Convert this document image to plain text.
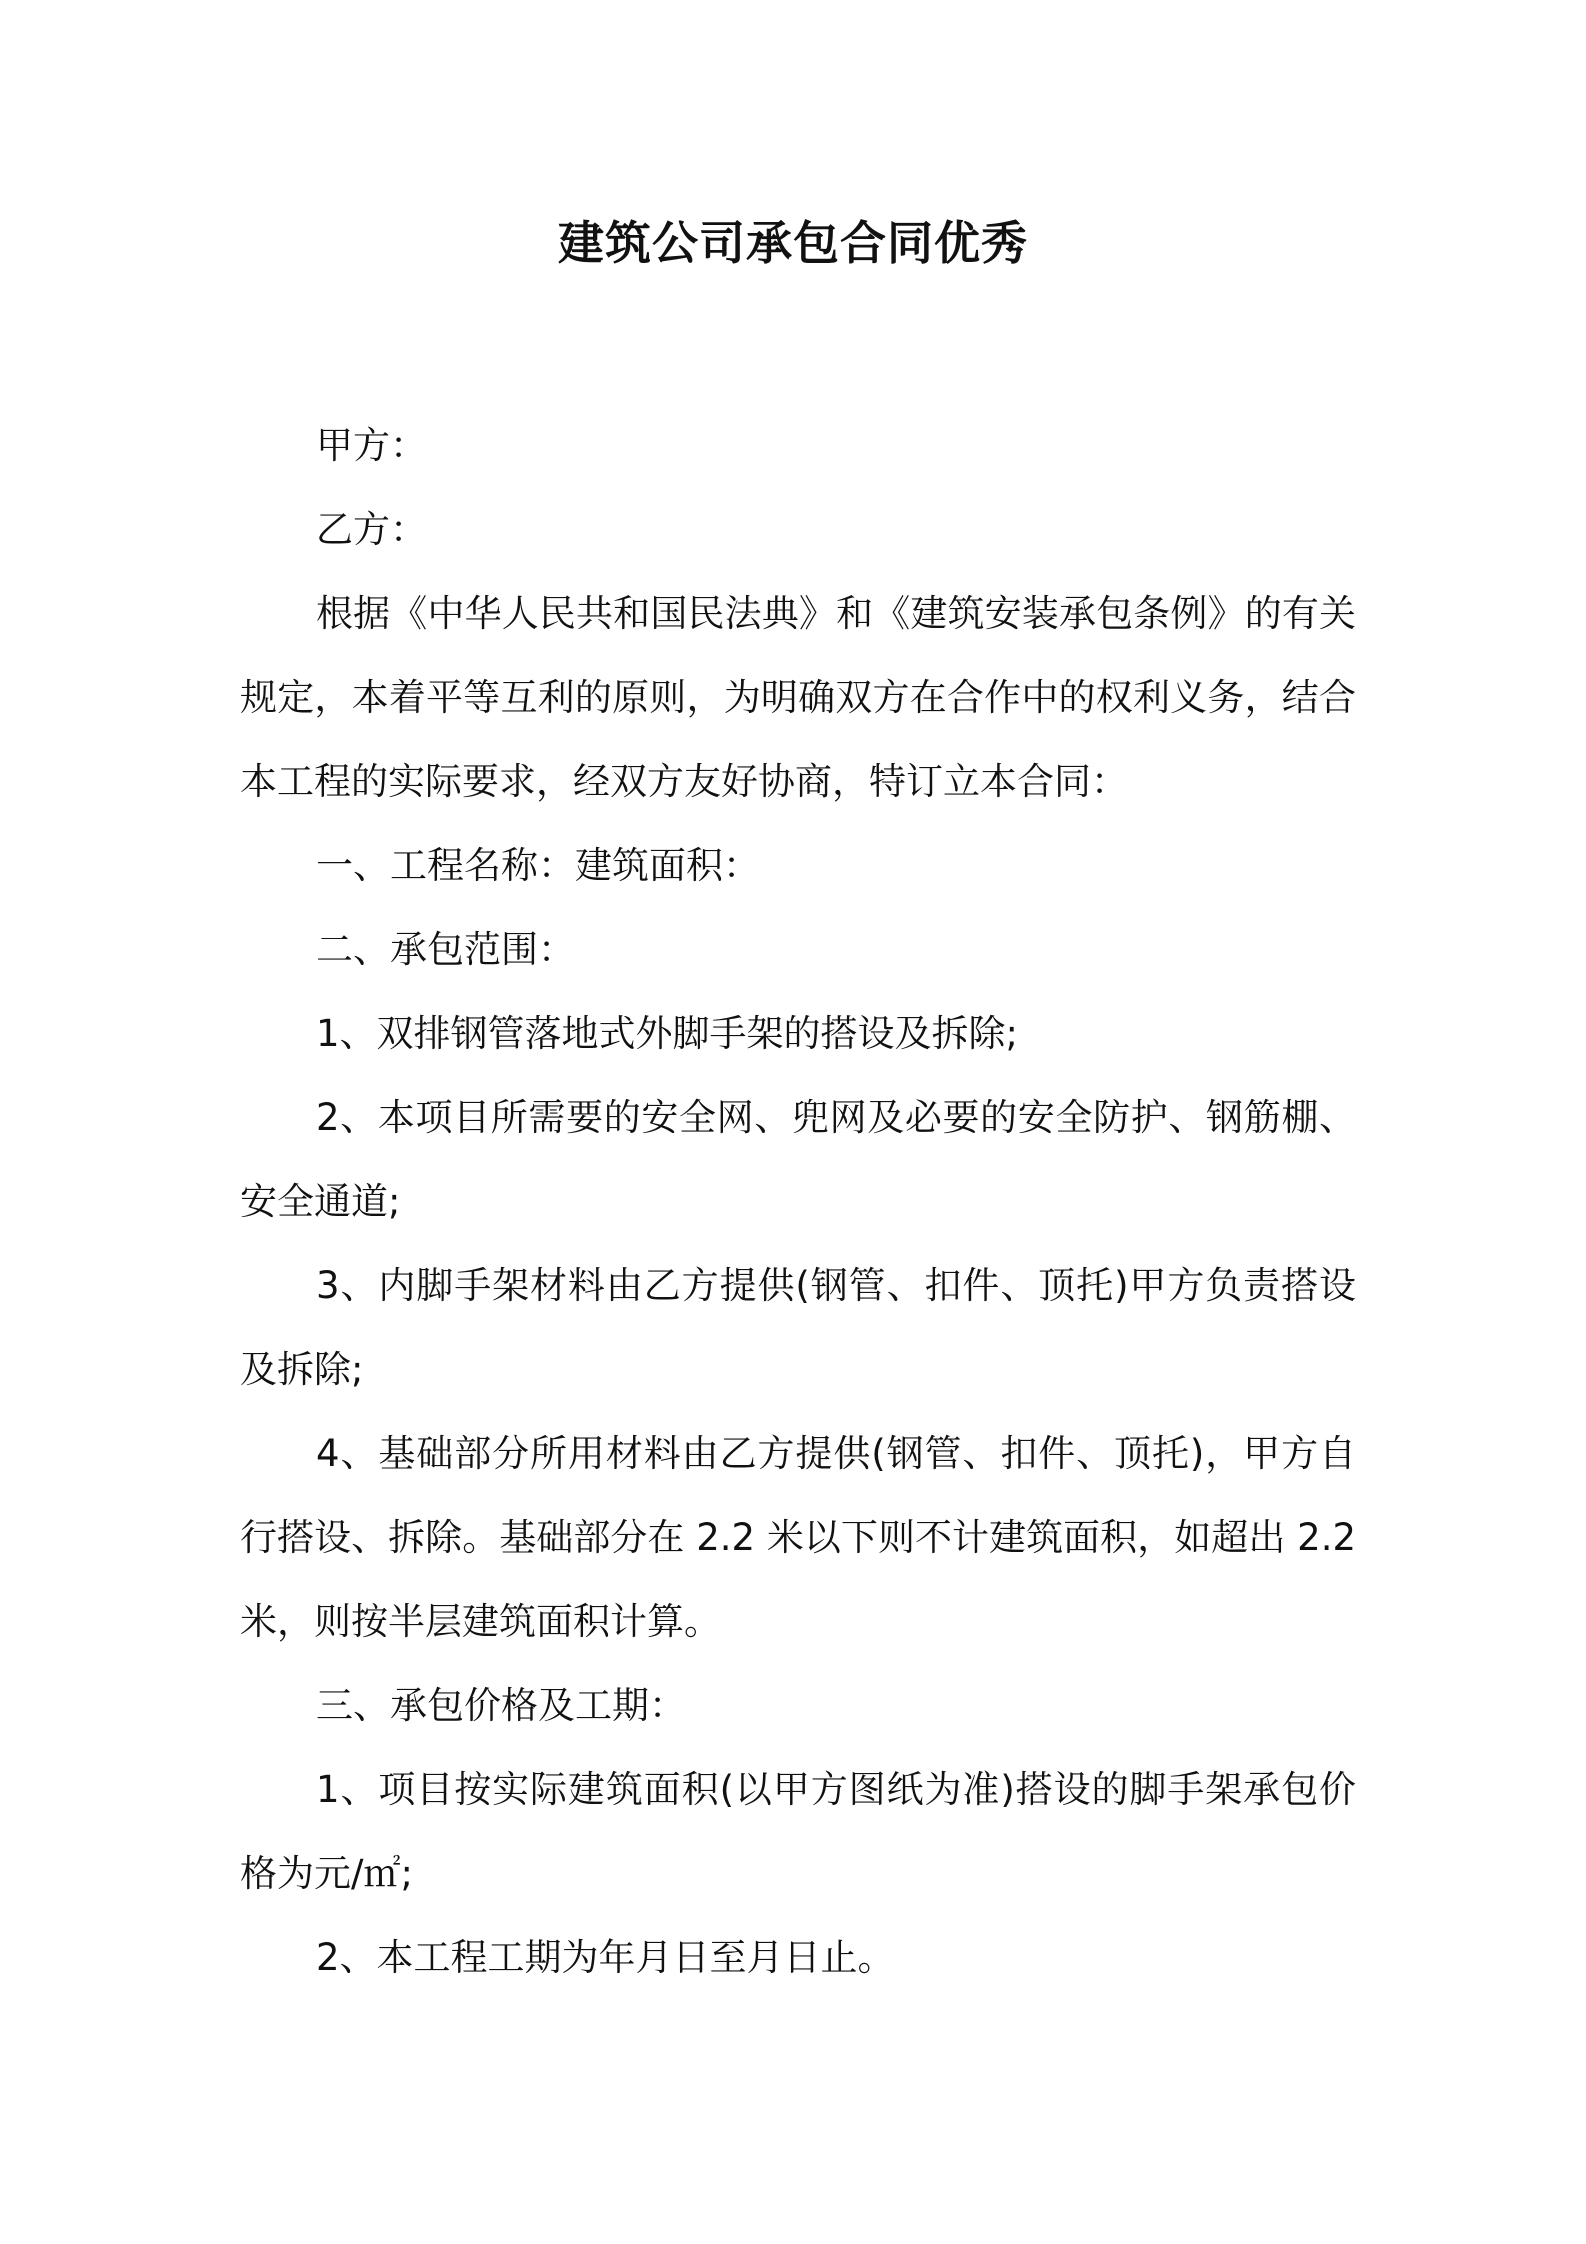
建筑公司承包合同优秀

甲方：

乙方：

根据《中华人民共和国民法典》和《建筑安装承包条例》的有关规定，本着平等互利的原则，为明确双方在合作中的权利义务，结合本工程的实际要求，经双方友好协商，特订立本合同：

一、工程名称：建筑面积：

二、承包范围：

1、双排钢管落地式外脚手架的搭设及拆除;

2、本项目所需要的安全网、兜网及必要的安全防护、钢筋棚、安全通道;

3、内脚手架材料由乙方提供(钢管、扣件、顶托)甲方负责搭设及拆除;

4、基础部分所用材料由乙方提供(钢管、扣件、顶托)，甲方自行搭设、拆除。基础部分在 2.2 米以下则不计建筑面积，如超出 2.2 米，则按半层建筑面积计算。

三、承包价格及工期：

1、项目按实际建筑面积(以甲方图纸为准)搭设的脚手架承包价格为元/㎡;

2、本工程工期为年月日至月日止。
